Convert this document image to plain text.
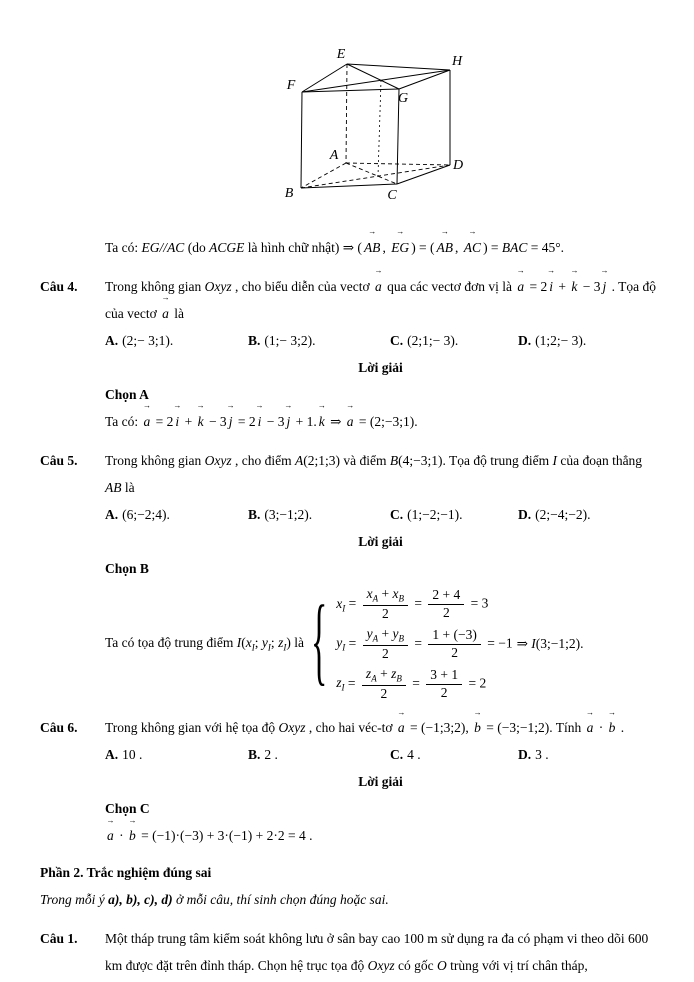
E	H
F
G
A
D
B	C
Ta có: EG//AC (do ACGE là hình chữ nhật) ⇒ ( AB → , EG → ) = ( AB → , AC → ) = BAC = 45°.
Câu 4. Trong không gian Oxyz , cho biểu diễn của vectơ a → qua các vectơ đơn vị là a → = 2 i → + k → − 3 j → . Tọa độ của vectơ a → là
A. (2;− 3;1).	B. (1;− 3;2).	C. (2;1;− 3).	D. (1;2;− 3).
Lời giải
Chọn A
Ta có: a → = 2 i → + k → − 3 j → = 2 i → − 3 j → + 1. k → ⇒ a → = (2;−3;1).
Câu 5. Trong không gian Oxyz , cho điểm A(2;1;3) và điểm B(4;−3;1). Tọa độ trung điểm I của đoạn thẳng AB là
A. (6;−2;4).	B. (3;−1;2).	C. (1;−2;−1).	D. (2;−4;−2).
Lời giải
Chọn B
Ta có tọa độ trung điểm $I(x_I$; $y_I$; $z_I$) là { $x_I = \frac{x_A + x_B}{2} = \frac{2 + 4}{2} = 3$
$y_I = \frac{y_A + y_B}{2} = \frac{1 + (-3)}{2} = -1$
$z_I = \frac{z_A + z_B}{2} = \frac{3 + 1}{2} = 2$
⇒ I(3;−1;2).
Câu 6. Trong không gian với hệ tọa độ Oxyz , cho hai véc-tơ a → = (−1;3;2), b → = (−3;−1;2). Tính a → · b → .
A. 10 .	B. 2 .	C. 4 .	D. 3 .
Lời giải
Chọn C
a → · b → = (−1)·(−3) + 3·(−1) + 2·2 = 4 .
Phần 2. Trắc nghiệm đúng sai
Trong mỗi ý a), b), c), d) ở mỗi câu, thí sinh chọn đúng hoặc sai.
Câu 1. Một tháp trung tâm kiểm soát không lưu ở sân bay cao 100 m sử dụng ra đa có phạm vi theo dõi 600 km được đặt trên đỉnh tháp. Chọn hệ trục tọa độ Oxyz có gốc O trùng với vị trí chân tháp,
